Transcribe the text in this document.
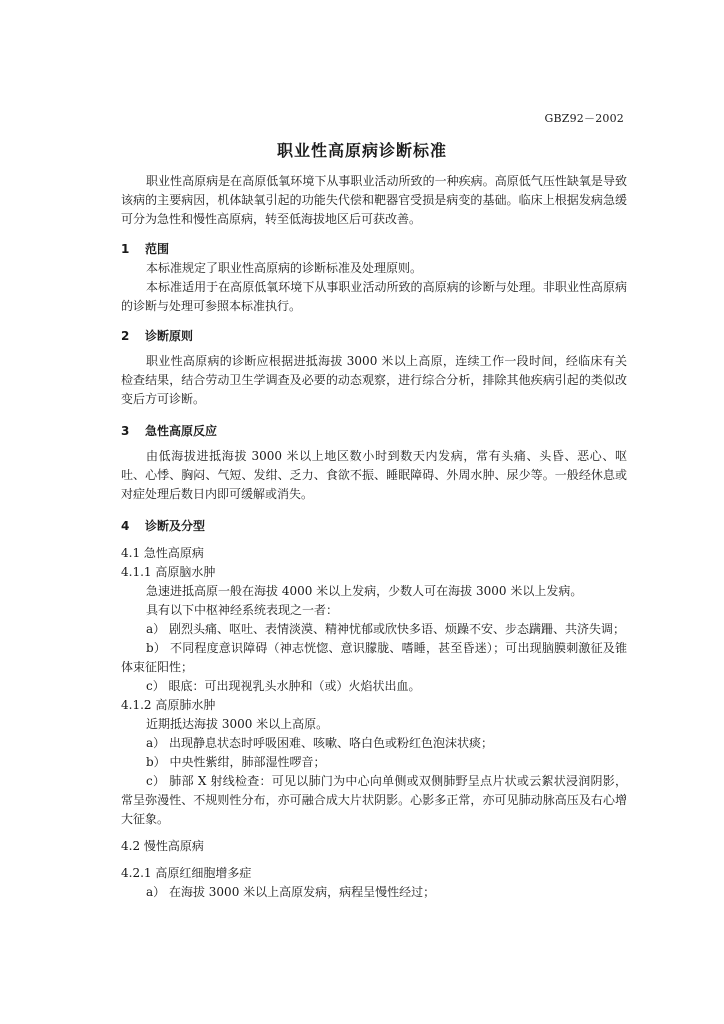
GBZ92－2002
职业性高原病诊断标准

职业性高原病是在高原低氧环境下从事职业活动所致的一种疾病。高原低气压性缺氧是导致该病的主要病因，机体缺氧引起的功能失代偿和靶器官受损是病变的基础。临床上根据发病急缓可分为急性和慢性高原病，转至低海拔地区后可获改善。

1 范围

本标准规定了职业性高原病的诊断标准及处理原则。

本标准适用于在高原低氧环境下从事职业活动所致的高原病的诊断与处理。非职业性高原病的诊断与处理可参照本标准执行。

2 诊断原则

职业性高原病的诊断应根据进抵海拔 3000 米以上高原，连续工作一段时间，经临床有关检查结果，结合劳动卫生学调查及必要的动态观察，进行综合分析，排除其他疾病引起的类似改变后方可诊断。

3 急性高原反应

由低海拔进抵海拔 3000 米以上地区数小时到数天内发病，常有头痛、头昏、恶心、呕吐、心悸、胸闷、气短、发绀、乏力、食欲不振、睡眠障碍、外周水肿、尿少等。一般经休息或对症处理后数日内即可缓解或消失。

4 诊断及分型

4.1 急性高原病

4.1.1 高原脑水肿

急速进抵高原一般在海拔 4000 米以上发病，少数人可在海拔 3000 米以上发病。

具有以下中枢神经系统表现之一者：

a） 剧烈头痛、呕吐、表情淡漠、精神忧郁或欣快多语、烦躁不安、步态蹒跚、共济失调；

b） 不同程度意识障碍（神志恍惚、意识朦胧、嗜睡，甚至昏迷）；可出现脑膜刺激征及锥体束征阳性；

c） 眼底：可出现视乳头水肿和（或）火焰状出血。

4.1.2 高原肺水肿

近期抵达海拔 3000 米以上高原。

a） 出现静息状态时呼吸困难、咳嗽、咯白色或粉红色泡沫状痰；

b） 中央性紫绀，肺部湿性啰音；

c） 肺部 X 射线检查：可见以肺门为中心向单侧或双侧肺野呈点片状或云絮状浸润阴影，常呈弥漫性、不规则性分布，亦可融合成大片状阴影。心影多正常，亦可见肺动脉高压及右心增大征象。

4.2 慢性高原病

4.2.1 高原红细胞增多症

a） 在海拔 3000 米以上高原发病，病程呈慢性经过；
